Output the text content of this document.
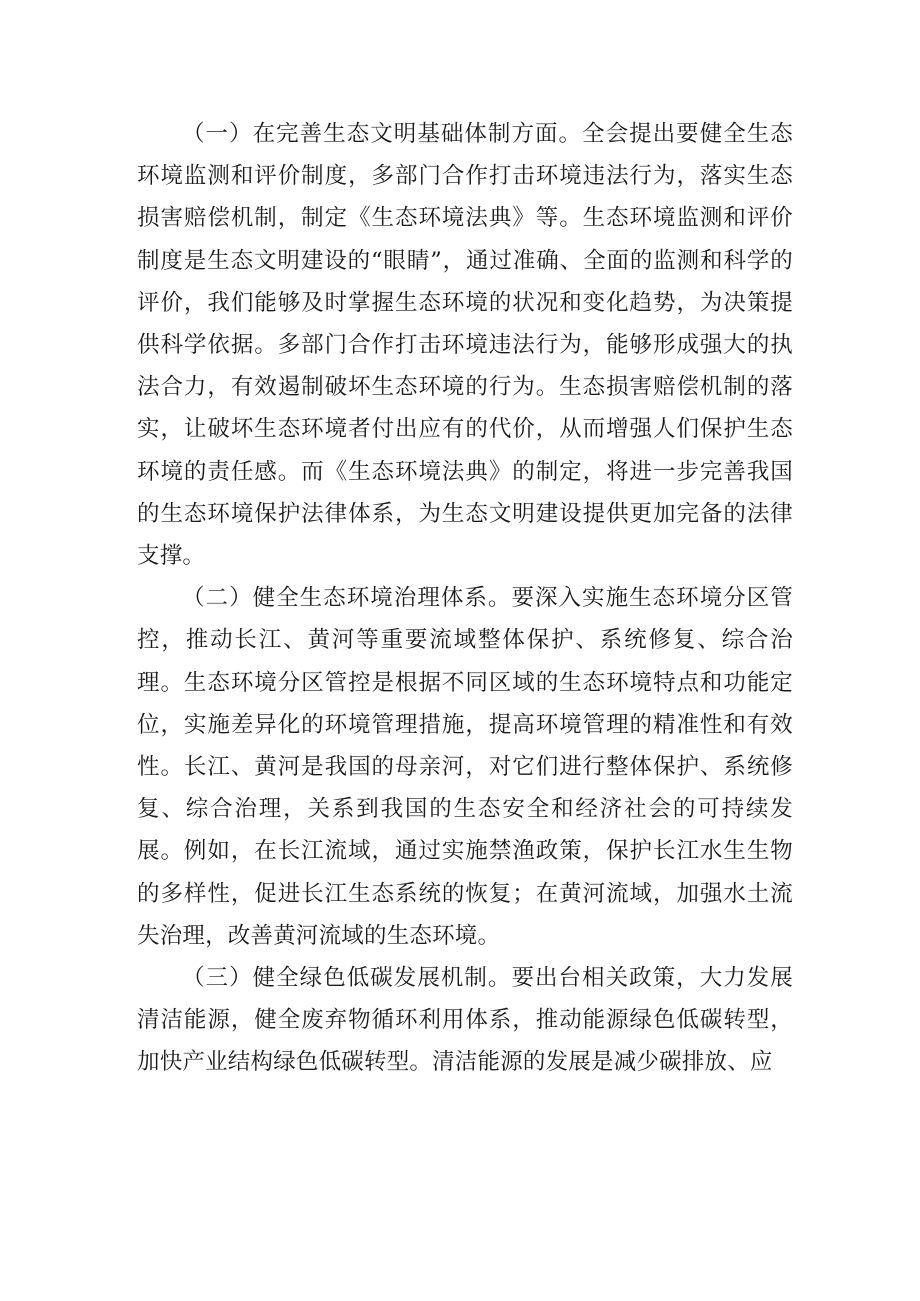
（一）在完善生态文明基础体制方面。全会提出要健全生态环境监测和评价制度，多部门合作打击环境违法行为，落实生态损害赔偿机制，制定《生态环境法典》等。生态环境监测和评价制度是生态文明建设的“眼睛”，通过准确、全面的监测和科学的评价，我们能够及时掌握生态环境的状况和变化趋势，为决策提供科学依据。多部门合作打击环境违法行为，能够形成强大的执法合力，有效遏制破坏生态环境的行为。生态损害赔偿机制的落实，让破坏生态环境者付出应有的代价，从而增强人们保护生态环境的责任感。而《生态环境法典》的制定，将进一步完善我国的生态环境保护法律体系，为生态文明建设提供更加完备的法律支撑。

（二）健全生态环境治理体系。要深入实施生态环境分区管控，推动长江、黄河等重要流域整体保护、系统修复、综合治理。生态环境分区管控是根据不同区域的生态环境特点和功能定位，实施差异化的环境管理措施，提高环境管理的精准性和有效性。长江、黄河是我国的母亲河，对它们进行整体保护、系统修复、综合治理，关系到我国的生态安全和经济社会的可持续发展。例如，在长江流域，通过实施禁渔政策，保护长江水生生物的多样性，促进长江生态系统的恢复；在黄河流域，加强水土流失治理，改善黄河流域的生态环境。

（三）健全绿色低碳发展机制。要出台相关政策，大力发展清洁能源，健全废弃物循环利用体系，推动能源绿色低碳转型，加快产业结构绿色低碳转型。清洁能源的发展是减少碳排放、应
